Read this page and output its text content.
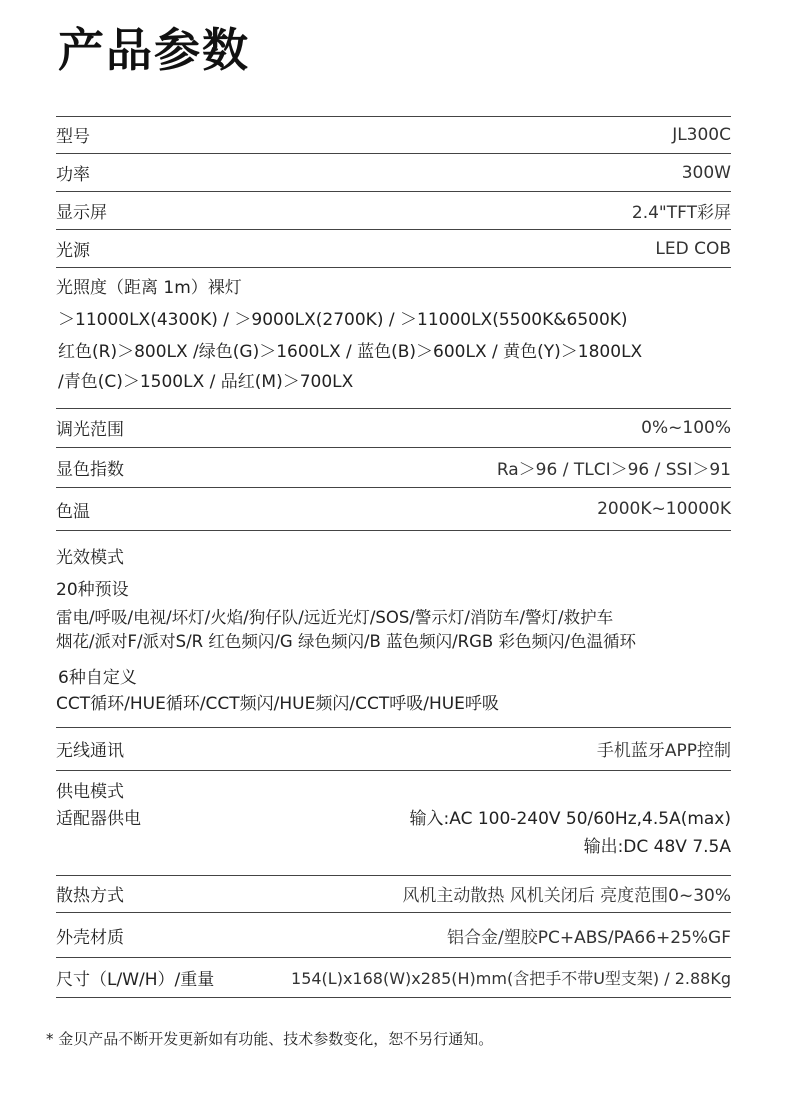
产品参数
型号	JL300C
功率	300W
显示屏	2.4"TFT彩屏
光源	LED COB
光照度（距离 1m）裸灯
＞11000LX(4300K) / ＞9000LX(2700K) / ＞11000LX(5500K&6500K)
红色(R)＞800LX /绿色(G)＞1600LX / 蓝色(B)＞600LX / 黄色(Y)＞1800LX
/青色(C)＞1500LX / 品红(M)＞700LX
调光范围	0%~100%
显色指数	Ra＞96 / TLCI＞96 / SSI＞91
色温	2000K~10000K
光效模式
20种预设
雷电/呼吸/电视/坏灯/火焰/狗仔队/远近光灯/SOS/警示灯/消防车/警灯/救护车
烟花/派对F/派对S/R 红色频闪/G 绿色频闪/B 蓝色频闪/RGB 彩色频闪/色温循环
6种自定义
CCT循环/HUE循环/CCT频闪/HUE频闪/CCT呼吸/HUE呼吸
无线通讯	手机蓝牙APP控制
供电模式
适配器供电	输入:AC 100-240V 50/60Hz,4.5A(max)
输出:DC 48V 7.5A
散热方式	风机主动散热 风机关闭后 亮度范围0~30%
外壳材质	铝合金/塑胶PC+ABS/PA66+25%GF
尺寸（L/W/H）/重量	154(L)x168(W)x285(H)mm(含把手不带U型支架) / 2.88Kg
* 金贝产品不断开发更新如有功能、技术参数变化，恕不另行通知。
